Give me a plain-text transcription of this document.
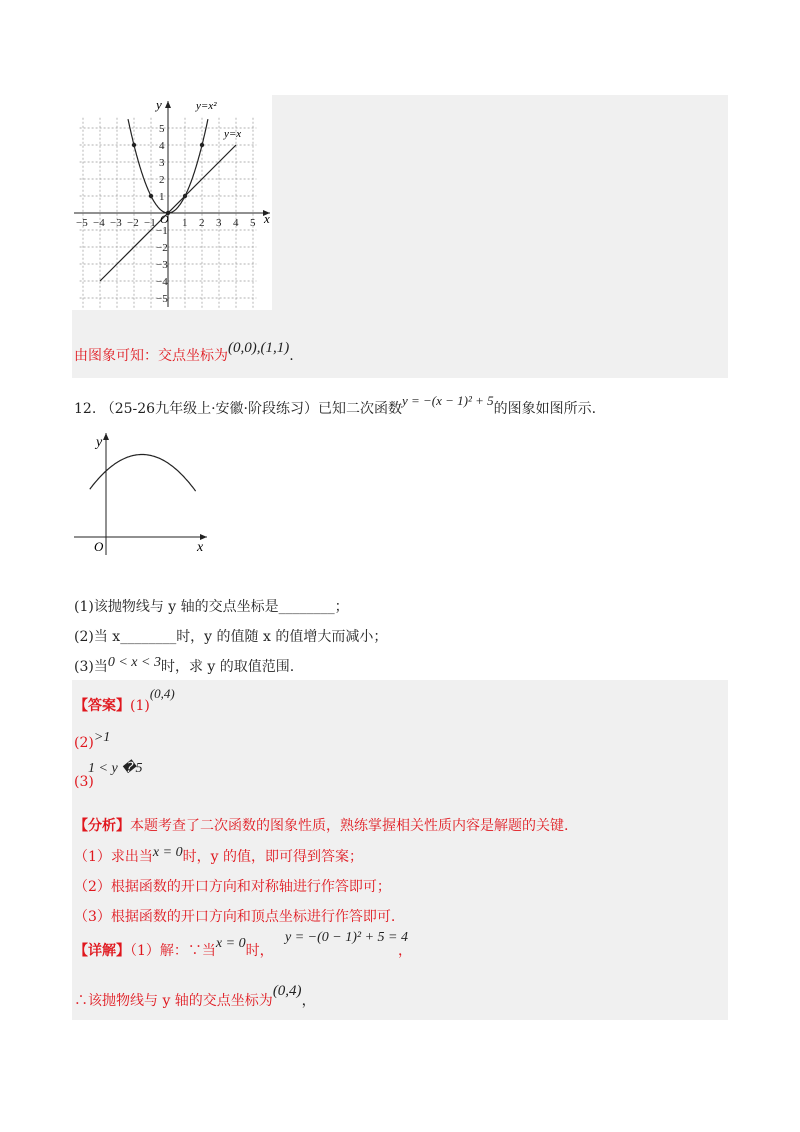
−5 −4 −3 −2 −1 1 2 3 4 5
5
4
3
2
1
−1
−2
−3
−4
−5
y
x
O
y=x²
y=x
由图象可知：交点坐标为(0,0),(1,1).
12. （25-26九年级上·安徽·阶段练习）已知二次函数y = −(x − 1)² + 5的图象如图所示.
y
x
O
(1)该抛物线与 y 轴的交点坐标是________；
(2)当 x________时，y 的值随 x 的值增大而减小；
(3)当0 < x < 3时，求 y 的取值范围.
【答案】(1)(0,4)
(2)>1
(3)
1 < y �5
【分析】本题考查了二次函数的图象性质，熟练掌握相关性质内容是解题的关键.
（1）求出当x = 0时，y 的值，即可得到答案；
（2）根据函数的开口方向和对称轴进行作答即可；
（3）根据函数的开口方向和顶点坐标进行作答即可.
【详解】（1）解：∵当x = 0时，
y = −(0 − 1)² + 5 = 4
，
∴该抛物线与 y 轴的交点坐标为(0,4)，
